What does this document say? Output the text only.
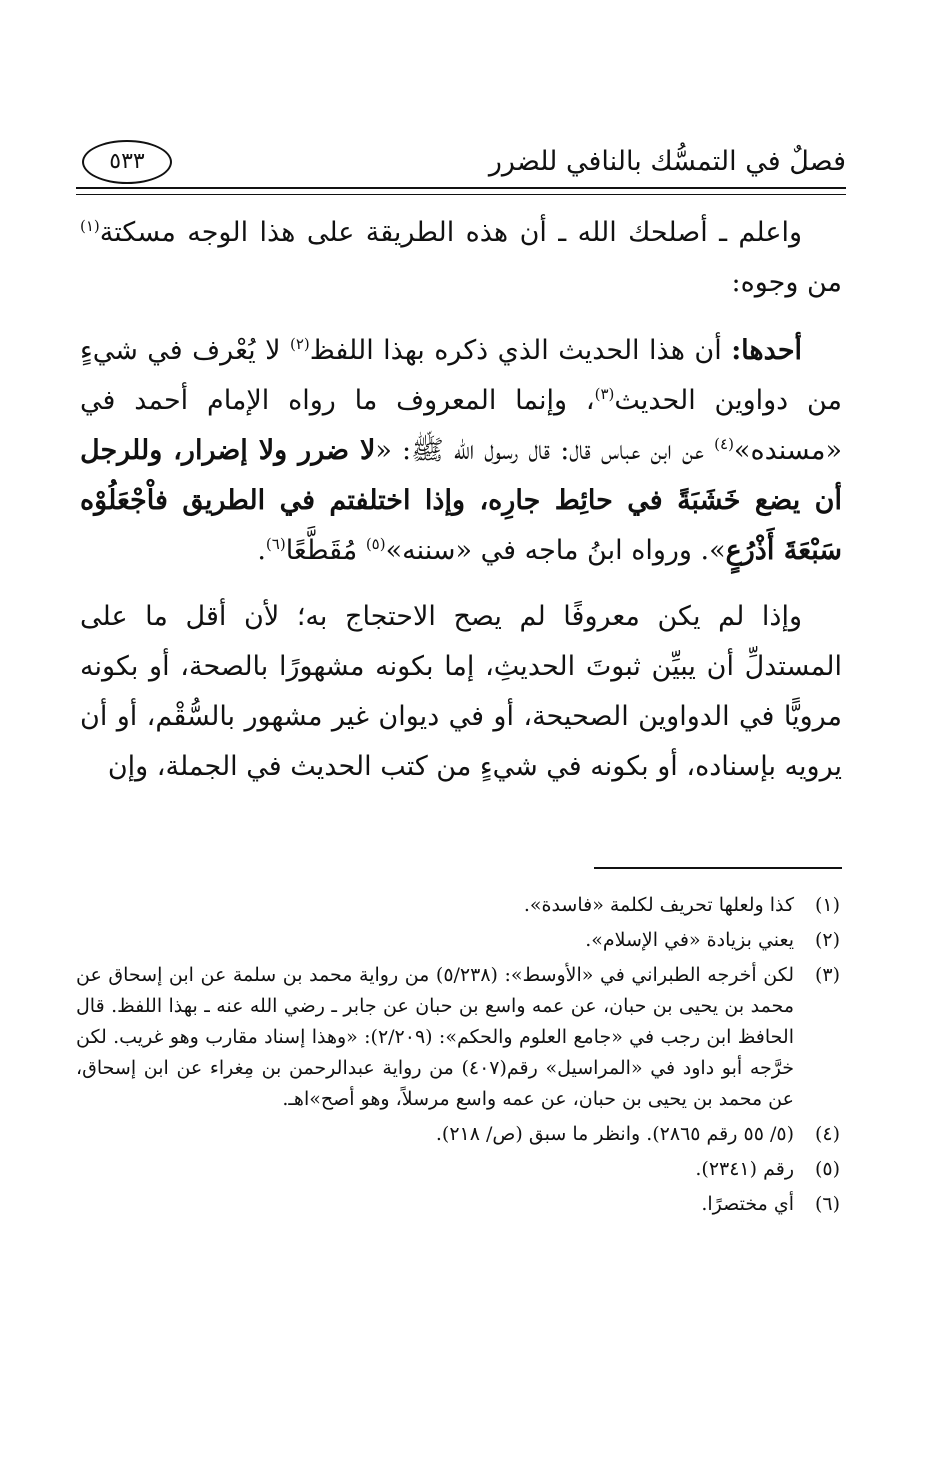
فصلٌ في التمسُّك بالنافي للضرر
٥٣٣

واعلم ـ أصلحك الله ـ أن هذه الطريقة على هذا الوجه مسكتة$^{(١)}$ من وجوه:

أحدها: أن هذا الحديث الذي ذكره بهذا اللفظ$^{(٢)}$ لا يُعْرف في شيءٍ من دواوين الحديث$^{(٣)}$، وإنما المعروف ما رواه الإمام أحمد في «مسنده»$^{(٤)}$ عن ابن عباس قال: قال رسول الله ﷺ: «لا ضرر ولا إضرار، وللرجل أن يضع خَشَبَةً في حائِط جارِه، وإذا اختلفتم في الطريق فاْجْعَلُوْه سَبْعَةَ أَذْرُعٍ». ورواه ابنُ ماجه في «سننه»$^{(٥)}$ مُقَطَّعًا$^{(٦)}$.

وإذا لم يكن معروفًا لم يصح الاحتجاج به؛ لأن أقل ما على المستدلِّ أن يبيِّن ثبوتَ الحديثِ، إما بكونه مشهورًا بالصحة، أو بكونه مرويًّا في الدواوين الصحيحة، أو في ديوان غير مشهور بالسُّقْم، أو أن يرويه بإسناده، أو بكونه في شيءٍ من كتب الحديث في الجملة، وإن

(١)
كذا ولعلها تحريف لكلمة «فاسدة».
(٢)
يعني بزيادة «في الإسلام».
(٣)
لكن أخرجه الطبراني في «الأوسط»: (٥/٢٣٨) من رواية محمد بن سلمة عن ابن إسحاق عن محمد بن يحيى بن حبان، عن عمه واسع بن حبان عن جابر ـ رضي الله عنه ـ بهذا اللفظ. قال الحافظ ابن رجب في «جامع العلوم والحكم»: (٢/٢٠٩): «وهذا إسناد مقارب وهو غريب. لكن خرَّجه أبو داود في «المراسيل» رقم(٤٠٧) من رواية عبدالرحمن بن مِغراء عن ابن إسحاق، عن محمد بن يحيى بن حبان، عن عمه واسع مرسلاً، وهو أصح»اهـ.
(٤)
(٥/ ٥٥ رقم ٢٨٦٥). وانظر ما سبق (ص/ ٢١٨).
(٥)
رقم (٢٣٤١).
(٦)
أي مختصرًا.
